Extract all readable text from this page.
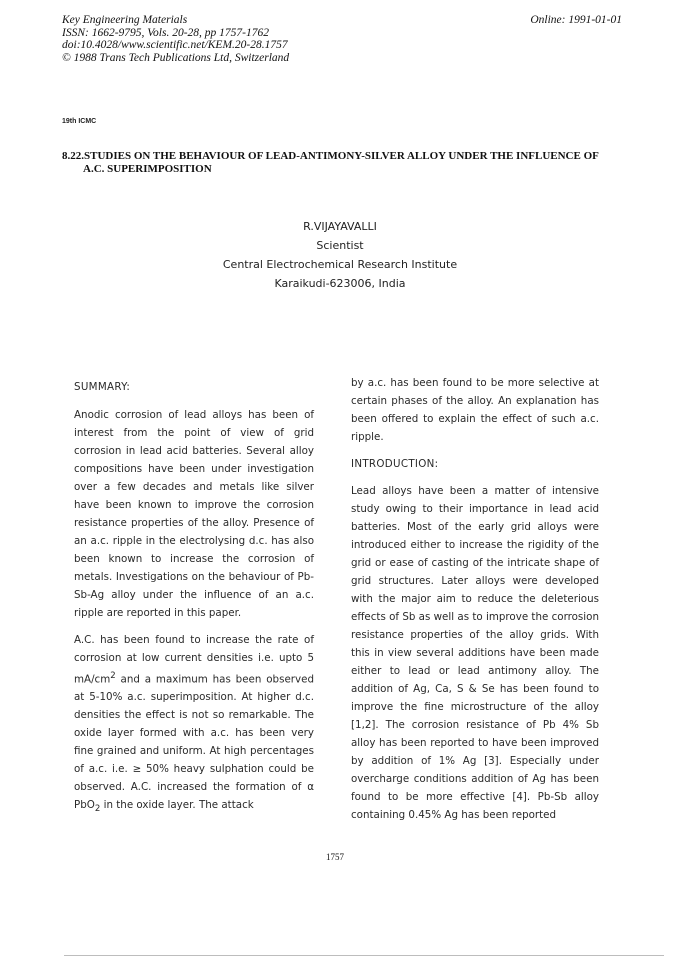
Key Engineering Materials
ISSN: 1662-9795, Vols. 20-28, pp 1757-1762
doi:10.4028/www.scientific.net/KEM.20-28.1757
© 1988 Trans Tech Publications Ltd, Switzerland
Online: 1991-01-01
19th ICMC
8.22.STUDIES ON THE BEHAVIOUR OF LEAD-ANTIMONY-SILVER ALLOY UNDER THE INFLUENCE OF
A.C. SUPERIMPOSITION
R.VIJAYAVALLI
Scientist
Central Electrochemical Research Institute
Karaikudi-623006, India
SUMMARY:

Anodic corrosion of lead alloys has been of interest from the point of view of grid corrosion in lead acid batteries. Several alloy compositions have been under investigation over a few decades and metals like silver have been known to improve the corrosion resistance properties of the alloy. Presence of an a.c. ripple in the electrolysing d.c. has also been known to increase the corrosion of metals. Investigations on the behaviour of Pb-Sb-Ag alloy under the influence of an a.c. ripple are reported in this paper.

A.C. has been found to increase the rate of corrosion at low current densities i.e. upto 5 $mA/cm^2$ and a maximum has been observed at 5-10% a.c. superimposition. At higher d.c. densities the effect is not so remarkable. The oxide layer formed with a.c. has been very fine grained and uniform. At high percentages of a.c. i.e. ≥ 50% heavy sulphation could be observed. A.C. increased the formation of α PbO$_2$ in the oxide layer. The attack

by a.c. has been found to be more selective at certain phases of the alloy. An explanation has been offered to explain the effect of such a.c. ripple.

INTRODUCTION:

Lead alloys have been a matter of intensive study owing to their importance in lead acid batteries. Most of the early grid alloys were introduced either to increase the rigidity of the grid or ease of casting of the intricate shape of grid structures. Later alloys were developed with the major aim to reduce the deleterious effects of Sb as well as to improve the corrosion resistance properties of the alloy grids. With this in view several additions have been made either to lead or lead antimony alloy. The addition of Ag, Ca, S & Se has been found to improve the fine microstructure of the alloy [1,2]. The corrosion resistance of Pb 4% Sb alloy has been reported to have been improved by addition of 1% Ag [3]. Especially under overcharge conditions addition of Ag has been found to be more effective [4]. Pb-Sb alloy containing 0.45% Ag has been reported

1757
